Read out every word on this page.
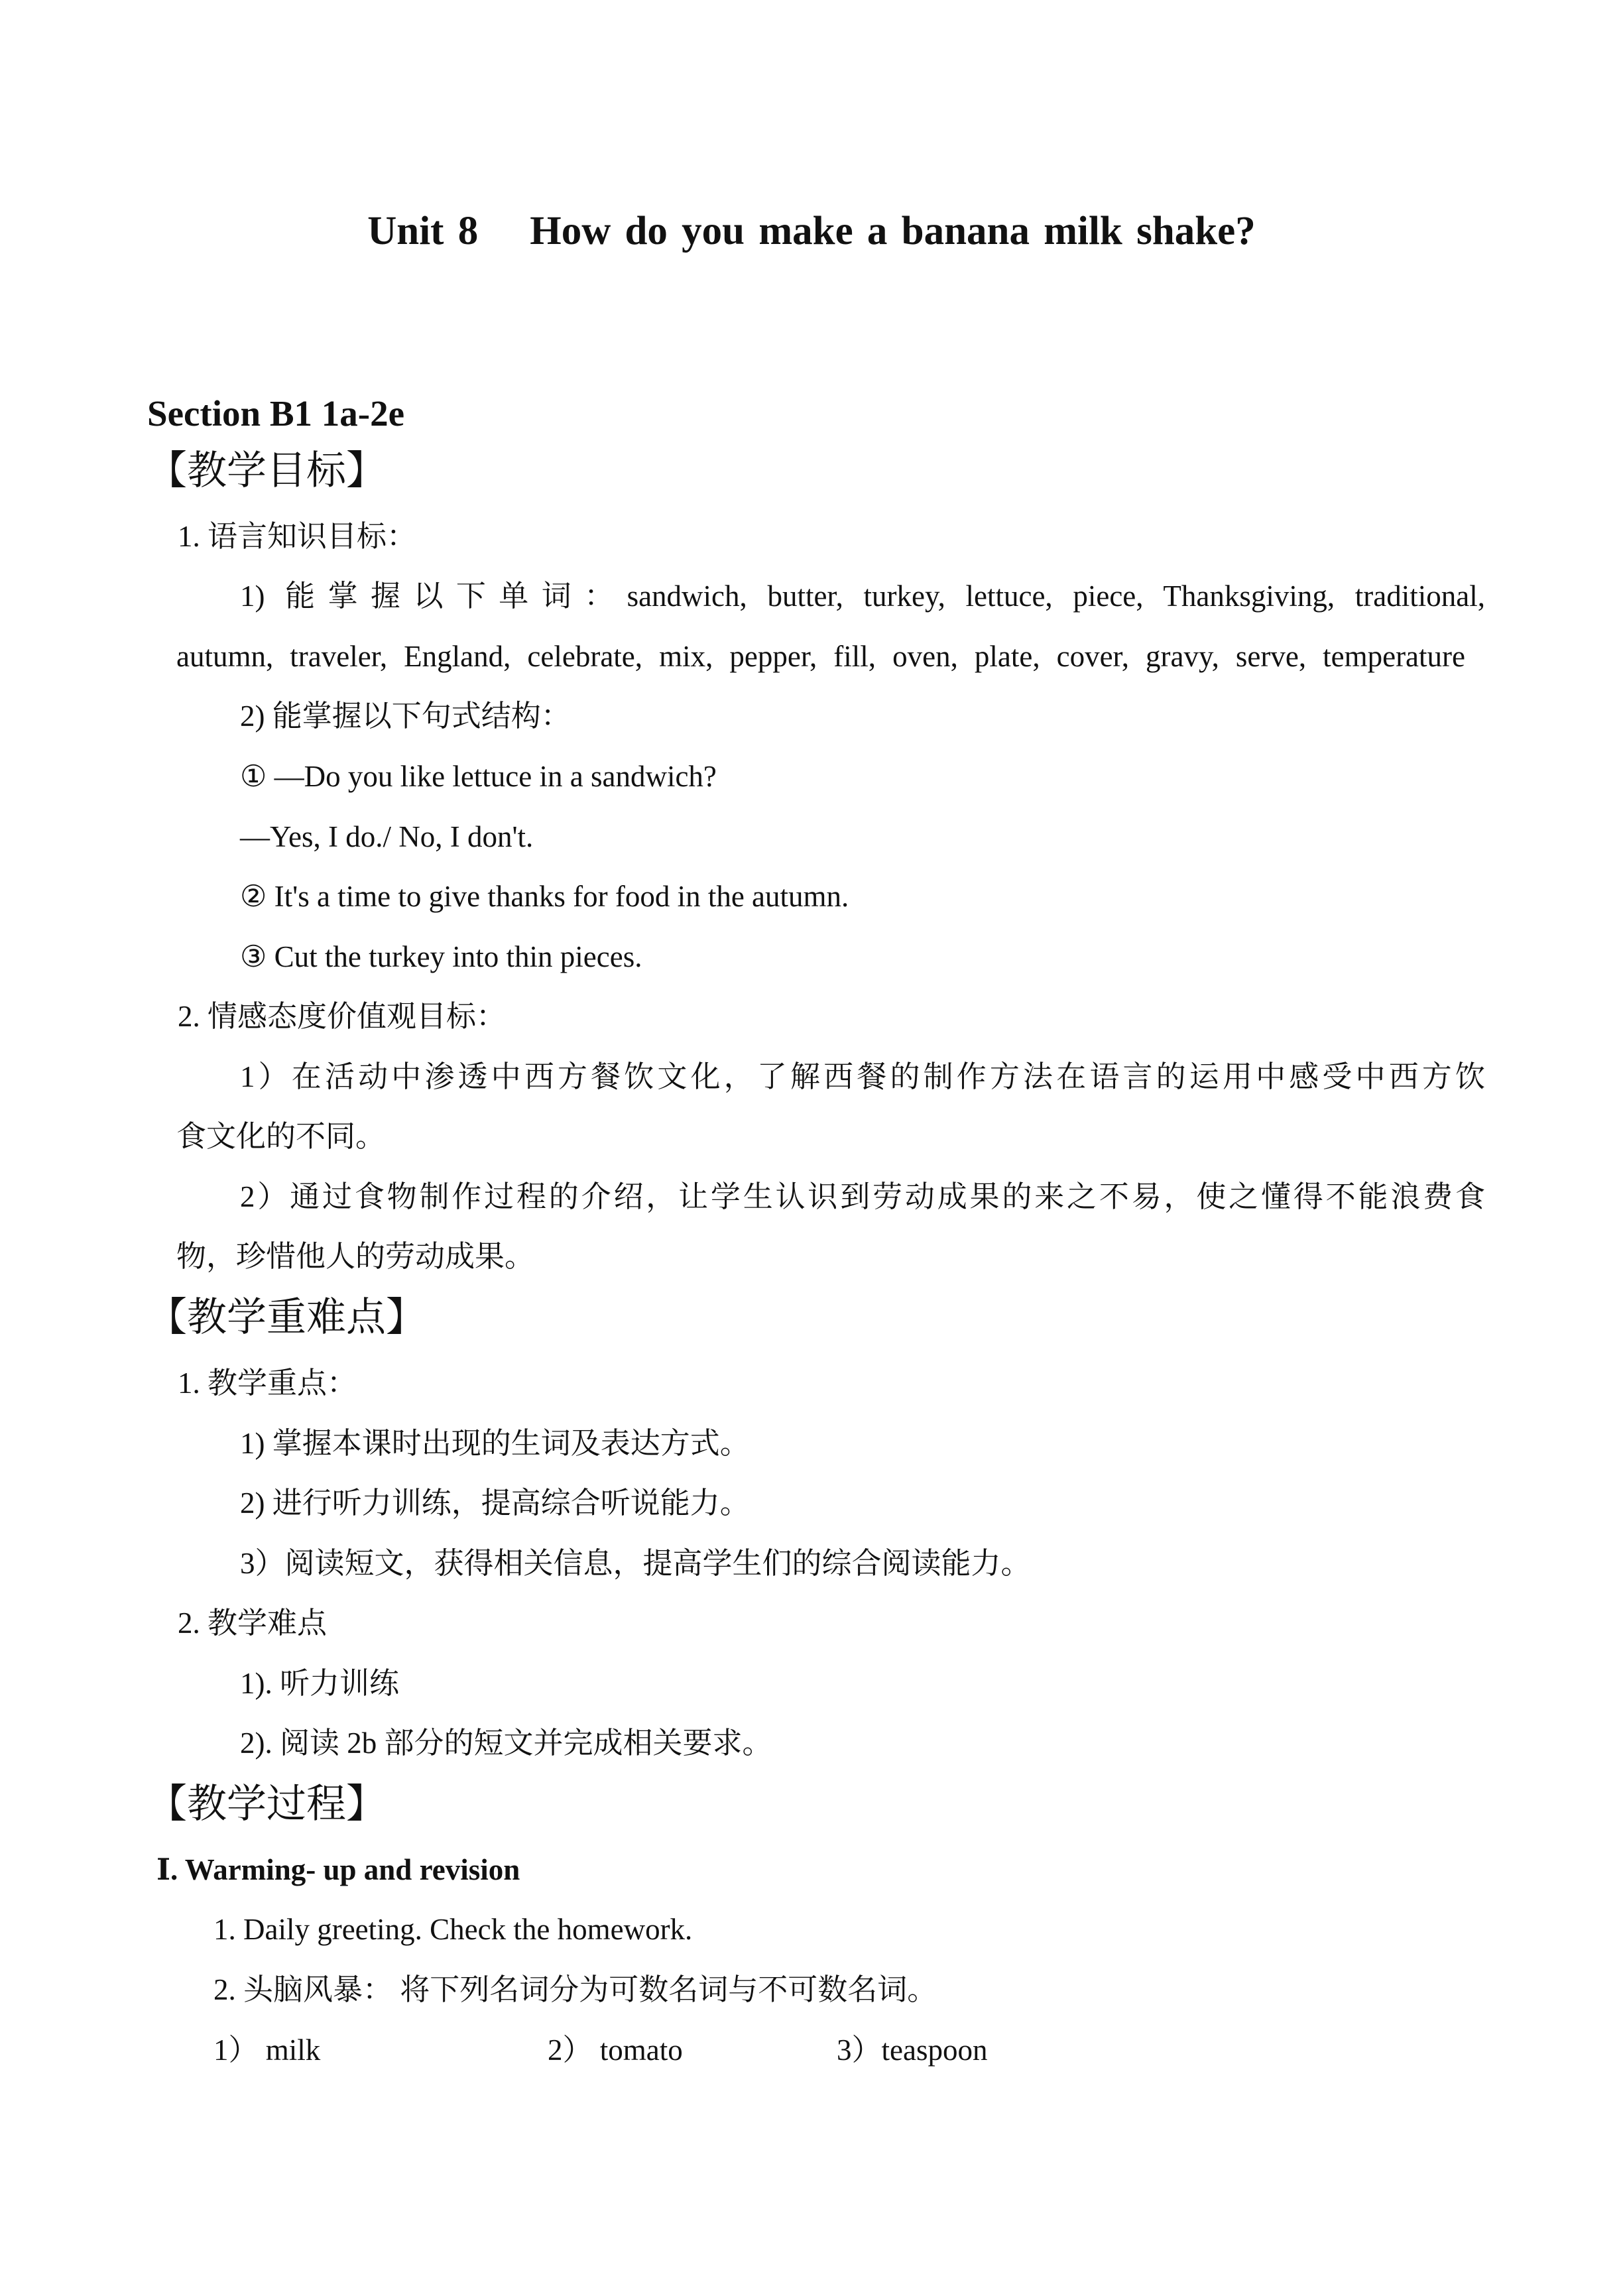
Unit 8 How do you make a banana milk shake?
Section B1 1a-2e
【教学目标】
1. 语言知识目标：
1) 能掌握以下单词：sandwich, butter, turkey, lettuce, piece, Thanksgiving, traditional,
autumn, traveler, England, celebrate, mix, pepper, fill, oven, plate, cover, gravy, serve, temperature
2) 能掌握以下句式结构：
① —Do you like lettuce in a sandwich?
—Yes, I do./ No, I don't.
② It's a time to give thanks for food in the autumn.
③ Cut the turkey into thin pieces.
2. 情感态度价值观目标：
1）在活动中渗透中西方餐饮文化，了解西餐的制作方法在语言的运用中感受中西方饮
食文化的不同。
2）通过食物制作过程的介绍，让学生认识到劳动成果的来之不易，使之懂得不能浪费食
物，珍惜他人的劳动成果。
【教学重难点】
1. 教学重点：
1) 掌握本课时出现的生词及表达方式。
2) 进行听力训练，提高综合听说能力。
3）阅读短文，获得相关信息，提高学生们的综合阅读能力。
2. 教学难点
1). 听力训练
2). 阅读 2b 部分的短文并完成相关要求。
【教学过程】
Ⅰ. Warming- up and revision
1. Daily greeting. Check the homework.
2. 头脑风暴： 将下列名词分为可数名词与不可数名词。
1） milk	2） tomato	3）teaspoon
